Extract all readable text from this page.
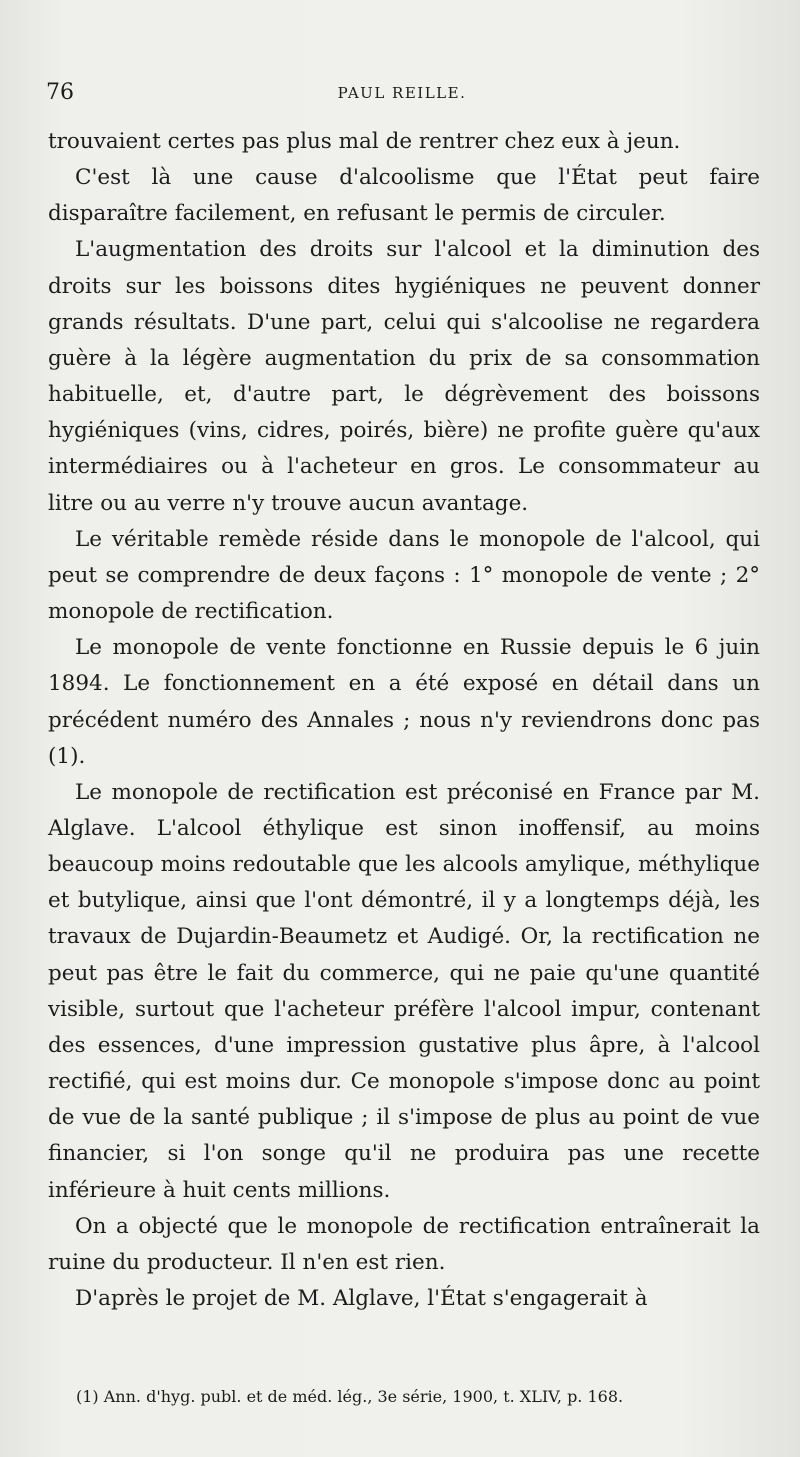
76	PAUL REILLE.

trouvaient certes pas plus mal de rentrer chez eux à jeun.

C'est là une cause d'alcoolisme que l'État peut faire disparaître facilement, en refusant le permis de circuler.

L'augmentation des droits sur l'alcool et la diminution des droits sur les boissons dites hygiéniques ne peuvent donner grands résultats. D'une part, celui qui s'alcoolise ne regardera guère à la légère augmentation du prix de sa consommation habituelle, et, d'autre part, le dégrèvement des boissons hygiéniques (vins, cidres, poirés, bière) ne profite guère qu'aux intermédiaires ou à l'acheteur en gros. Le consommateur au litre ou au verre n'y trouve aucun avantage.

Le véritable remède réside dans le monopole de l'alcool, qui peut se comprendre de deux façons : 1° monopole de vente ; 2° monopole de rectification.

Le monopole de vente fonctionne en Russie depuis le 6 juin 1894. Le fonctionnement en a été exposé en détail dans un précédent numéro des Annales ; nous n'y reviendrons donc pas (1).

Le monopole de rectification est préconisé en France par M. Alglave. L'alcool éthylique est sinon inoffensif, au moins beaucoup moins redoutable que les alcools amylique, méthylique et butylique, ainsi que l'ont démontré, il y a longtemps déjà, les travaux de Dujardin-Beaumetz et Audigé. Or, la rectification ne peut pas être le fait du commerce, qui ne paie qu'une quantité visible, surtout que l'acheteur préfère l'alcool impur, contenant des essences, d'une impression gustative plus âpre, à l'alcool rectifié, qui est moins dur. Ce monopole s'impose donc au point de vue de la santé publique ; il s'impose de plus au point de vue financier, si l'on songe qu'il ne produira pas une recette inférieure à huit cents millions.

On a objecté que le monopole de rectification entraînerait la ruine du producteur. Il n'en est rien.

D'après le projet de M. Alglave, l'État s'engagerait à

(1) Ann. d'hyg. publ. et de méd. lég., 3e série, 1900, t. XLIV, p. 168.
